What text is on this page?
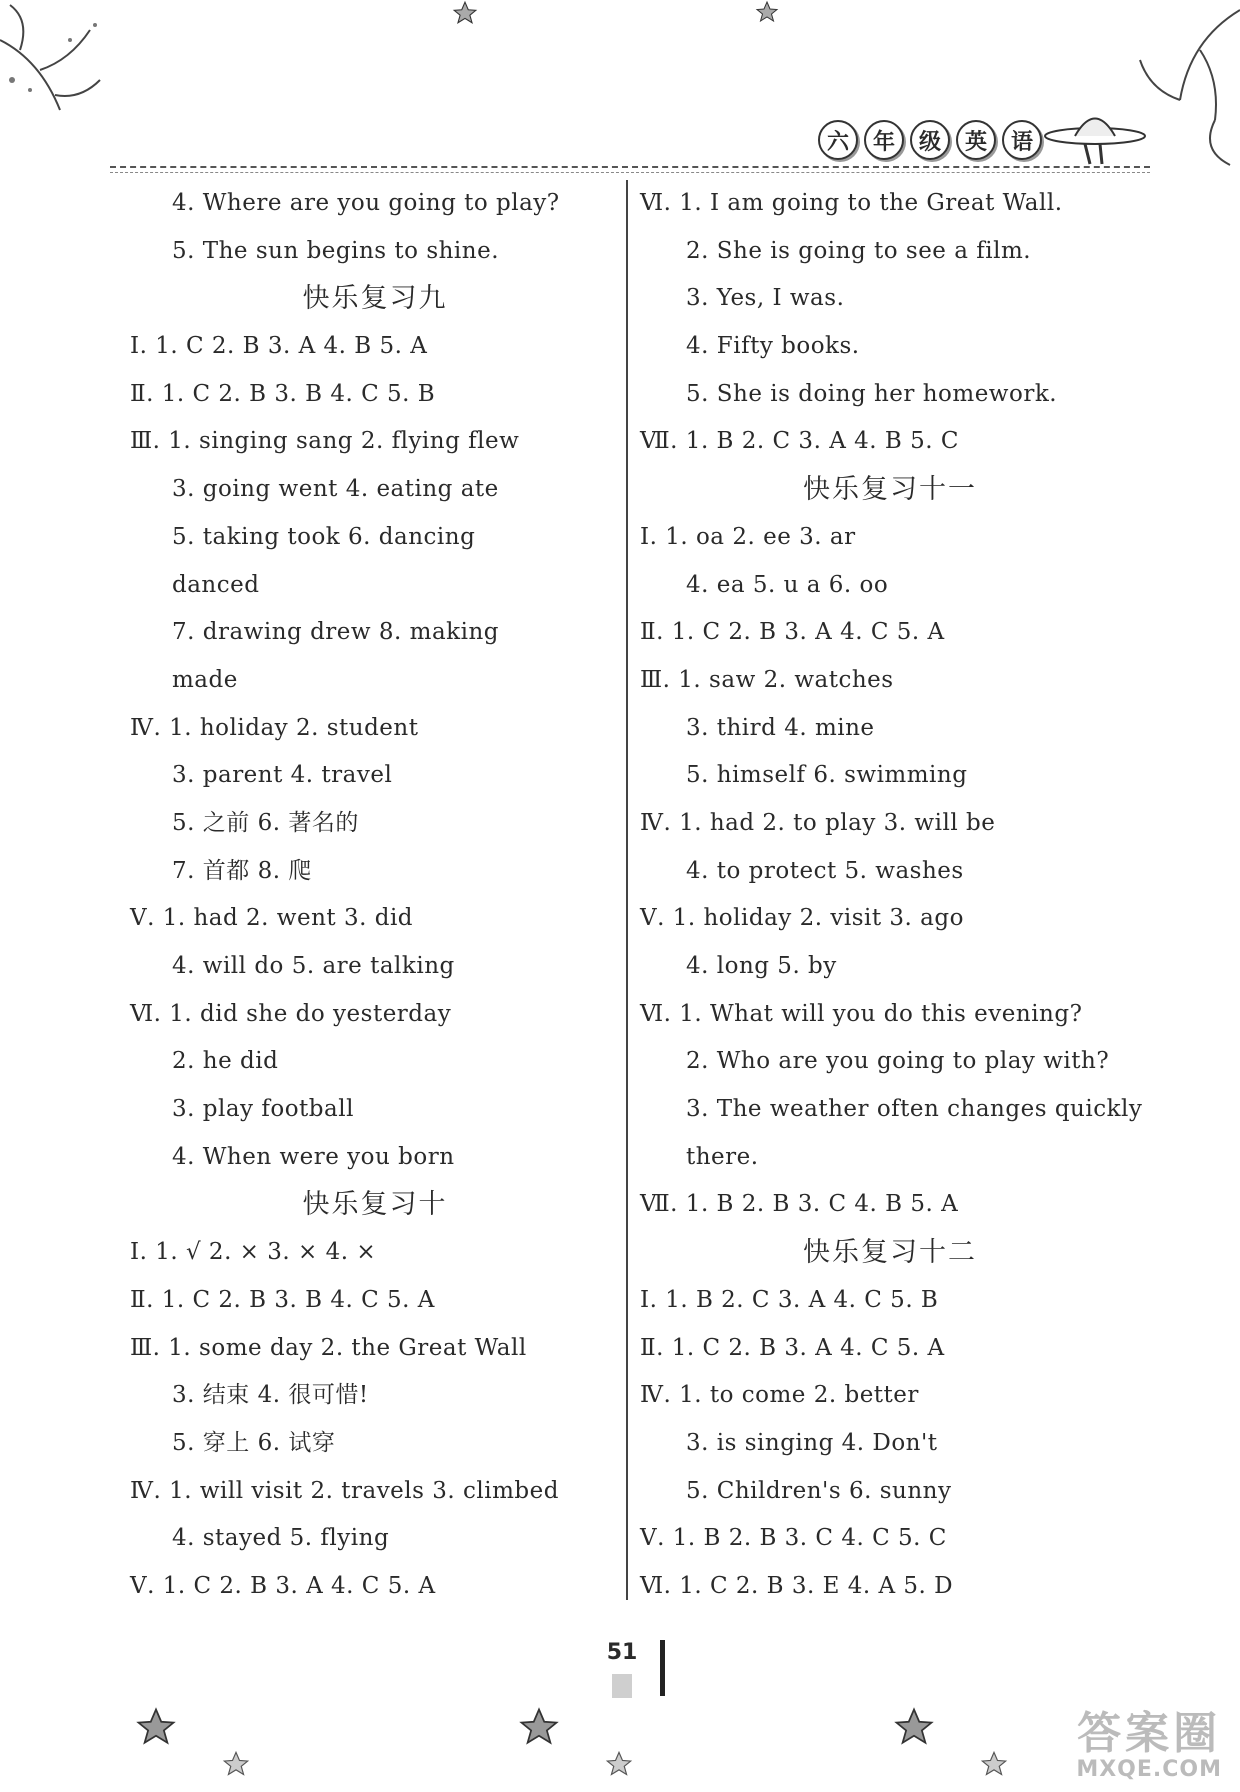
六	年	级	英	语
4. Where are you going to play?
5. The sun begins to shine.
快乐复习九
Ⅰ. 1. C 2. B 3. A 4. B 5. A
Ⅱ. 1. C 2. B 3. B 4. C 5. B
Ⅲ. 1. singing sang 2. flying flew
3. going went 4. eating ate
5. taking took 6. dancing
danced
7. drawing drew 8. making
made
Ⅳ. 1. holiday 2. student
3. parent 4. travel
5. 之前 6. 著名的
7. 首都 8. 爬
Ⅴ. 1. had 2. went 3. did
4. will do 5. are talking
Ⅵ. 1. did she do yesterday
2. he did
3. play football
4. When were you born
快乐复习十
Ⅰ. 1. √ 2. × 3. × 4. ×
Ⅱ. 1. C 2. B 3. B 4. C 5. A
Ⅲ. 1. some day 2. the Great Wall
3. 结束 4. 很可惜!
5. 穿上 6. 试穿
Ⅳ. 1. will visit 2. travels 3. climbed
4. stayed 5. flying
Ⅴ. 1. C 2. B 3. A 4. C 5. A
Ⅵ. 1. I am going to the Great Wall.
2. She is going to see a film.
3. Yes, I was.
4. Fifty books.
5. She is doing her homework.
Ⅶ. 1. B 2. C 3. A 4. B 5. C
快乐复习十一
Ⅰ. 1. oa 2. ee 3. ar
4. ea 5. u a 6. oo
Ⅱ. 1. C 2. B 3. A 4. C 5. A
Ⅲ. 1. saw 2. watches
3. third 4. mine
5. himself 6. swimming
Ⅳ. 1. had 2. to play 3. will be
4. to protect 5. washes
Ⅴ. 1. holiday 2. visit 3. ago
4. long 5. by
Ⅵ. 1. What will you do this evening?
2. Who are you going to play with?
3. The weather often changes quickly
there.
Ⅶ. 1. B 2. B 3. C 4. B 5. A
快乐复习十二
Ⅰ. 1. B 2. C 3. A 4. C 5. B
Ⅱ. 1. C 2. B 3. A 4. C 5. A
Ⅳ. 1. to come 2. better
3. is singing 4. Don't
5. Children's 6. sunny
Ⅴ. 1. B 2. B 3. C 4. C 5. C
Ⅵ. 1. C 2. B 3. E 4. A 5. D
51
答案圈
MXQE.COM
